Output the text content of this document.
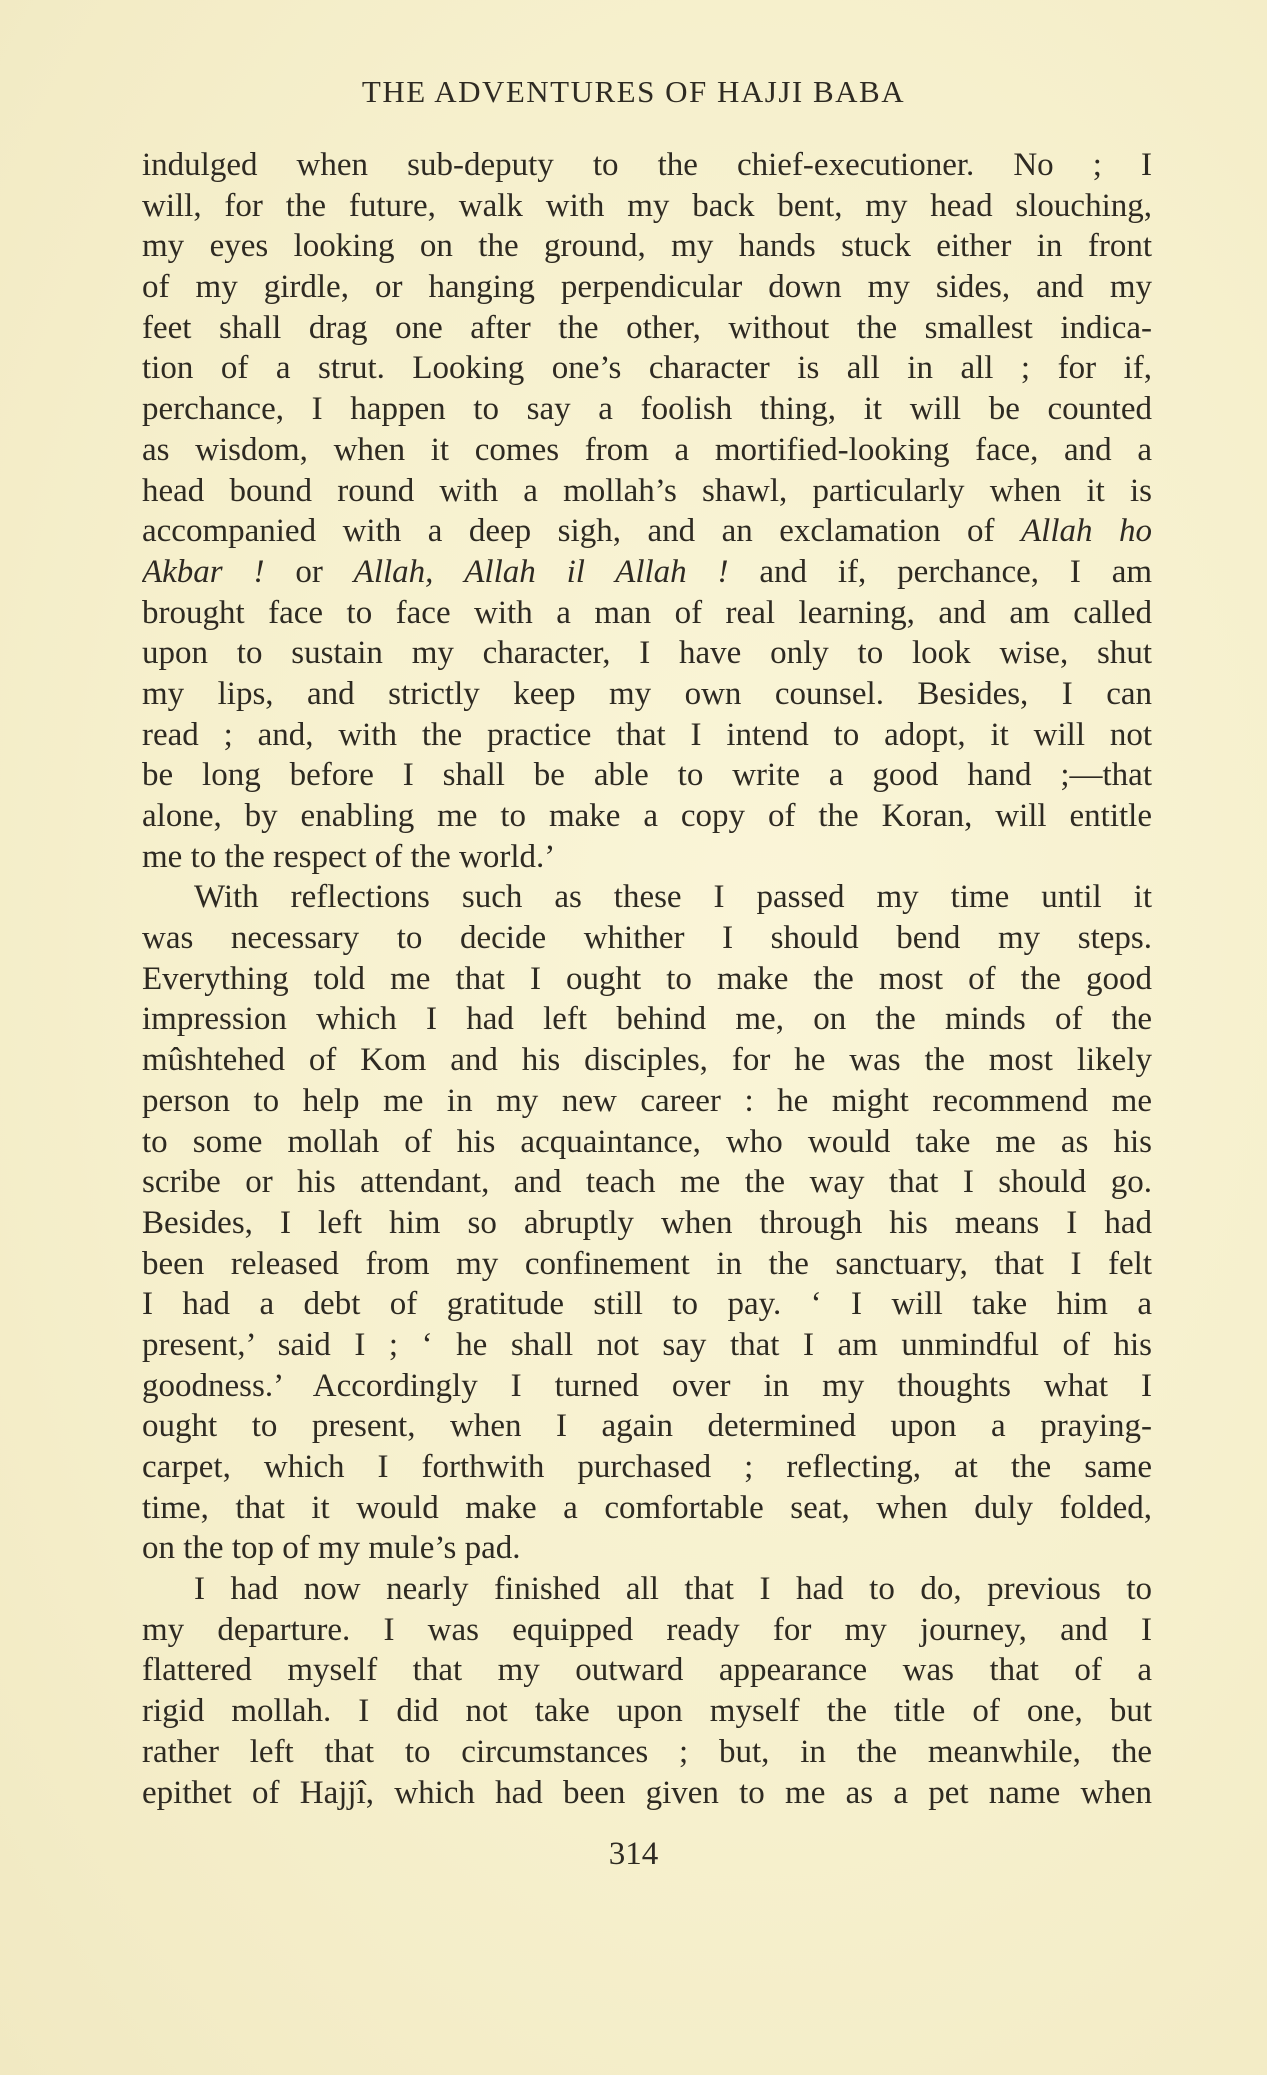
THE ADVENTURES OF HAJJI BABA
indulged when sub-deputy to the chief-executioner. No ; I
will, for the future, walk with my back bent, my head slouching,
my eyes looking on the ground, my hands stuck either in front
of my girdle, or hanging perpendicular down my sides, and my
feet shall drag one after the other, without the smallest indica-
tion of a strut. Looking one’s character is all in all ; for if,
perchance, I happen to say a foolish thing, it will be counted
as wisdom, when it comes from a mortified-looking face, and a
head bound round with a mollah’s shawl, particularly when it is
accompanied with a deep sigh, and an exclamation of Allah ho
Akbar ! or Allah, Allah il Allah ! and if, perchance, I am
brought face to face with a man of real learning, and am called
upon to sustain my character, I have only to look wise, shut
my lips, and strictly keep my own counsel. Besides, I can
read ; and, with the practice that I intend to adopt, it will not
be long before I shall be able to write a good hand ;—that
alone, by enabling me to make a copy of the Koran, will entitle
me to the respect of the world.’
With reflections such as these I passed my time until it
was necessary to decide whither I should bend my steps.
Everything told me that I ought to make the most of the good
impression which I had left behind me, on the minds of the
mûshtehed of Kom and his disciples, for he was the most likely
person to help me in my new career : he might recommend me
to some mollah of his acquaintance, who would take me as his
scribe or his attendant, and teach me the way that I should go.
Besides, I left him so abruptly when through his means I had
been released from my confinement in the sanctuary, that I felt
I had a debt of gratitude still to pay. ‘ I will take him a
present,’ said I ; ‘ he shall not say that I am unmindful of his
goodness.’ Accordingly I turned over in my thoughts what I
ought to present, when I again determined upon a praying-
carpet, which I forthwith purchased ; reflecting, at the same
time, that it would make a comfortable seat, when duly folded,
on the top of my mule’s pad.
I had now nearly finished all that I had to do, previous to
my departure. I was equipped ready for my journey, and I
flattered myself that my outward appearance was that of a
rigid mollah. I did not take upon myself the title of one, but
rather left that to circumstances ; but, in the meanwhile, the
epithet of Hajjî, which had been given to me as a pet name when
314
